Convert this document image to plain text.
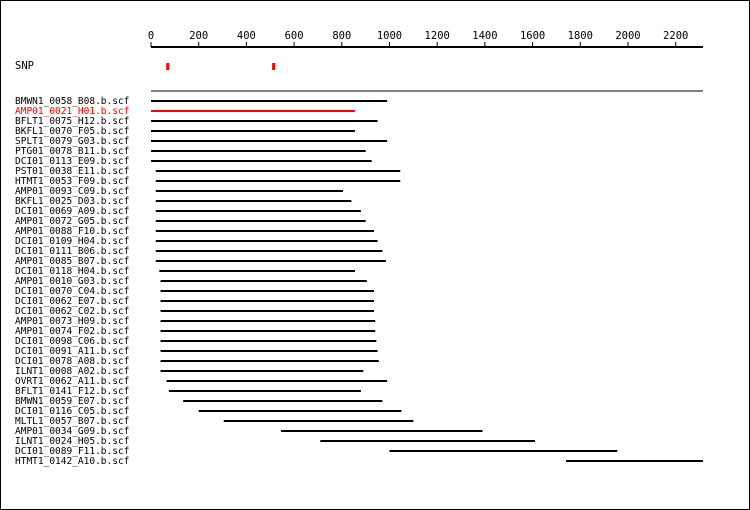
0	200	400	600	800 1000 1200 1400 1600 1800 2000 2200
SNP
BMWN1_0058_B08.b.scf
AMP01_0021_H01.b.scf
BFLT1_0075_H12.b.scf
BKFL1_0070_F05.b.scf
SPLT1_0079_G03.b.scf
PTG01_0078_B11.b.scf
DCI01_0113_E09.b.scf
PST01_0038_E11.b.scf
HTMT1_0053_F09.b.scf
AMP01_0093_C09.b.scf
BKFL1_0025_D03.b.scf
DCI01_0069_A09.b.scf
AMP01_0072_G05.b.scf
AMP01_0088_F10.b.scf
DCI01_0109_H04.b.scf
DCI01_0111_B06.b.scf
AMP01_0085_B07.b.scf
DCI01_0118_H04.b.scf
AMP01_0010_G03.b.scf
DCI01_0070_C04.b.scf
DCI01_0062_E07.b.scf
DCI01_0062_C02.b.scf
AMP01_0073_H09.b.scf
AMP01_0074_F02.b.scf
DCI01_0098_C06.b.scf
DCI01_0091_A11.b.scf
DCI01_0078_A08.b.scf
ILNT1_0008_A02.b.scf
OVRT1_0062_A11.b.scf
BFLT1_0141_F12.b.scf
BMWN1_0059_E07.b.scf
DCI01_0116_C05.b.scf
MLTL1_0057_B07.b.scf
AMP01_0034_G09.b.scf
ILNT1_0024_H05.b.scf
DCI01_0089_F11.b.scf
HTMT1_0142_A10.b.scf
